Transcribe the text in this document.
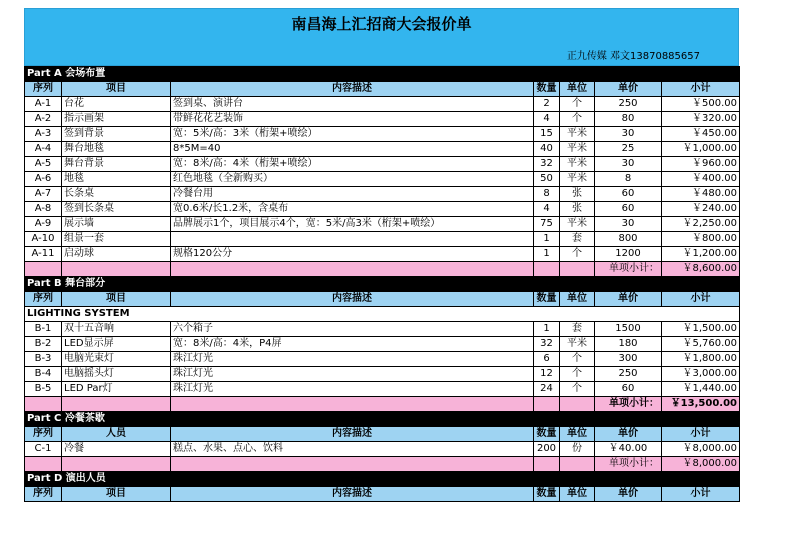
南昌海上汇招商大会报价单
正九传媒 邓文13870885657
Part A 会场布置						
序列	项目	内容描述	数量	单位	单价	小计
A-1	台花	签到桌、演讲台	2	个	250	￥500.00
A-2	指示画架	带鲜花花艺装饰	4	个	80	￥320.00
A-3	签到背景	宽：5米/高：3米（桁架+喷绘）	15	平米	30	￥450.00
A-4	舞台地毯	8*5M=40	40	平米	25	￥1,000.00
A-5	舞台背景	宽：8米/高：4米（桁架+喷绘）	32	平米	30	￥960.00
A-6	地毯	红色地毯（全新购买）	50	平米	8	￥400.00
A-7	长条桌	冷餐台用	8	张	60	￥480.00
A-8	签到长条桌	宽0.6米/长1.2米，含桌布	4	张	60	￥240.00
A-9	展示墙	品牌展示1个，项目展示4个，宽：5米/高3米（桁架+喷绘）	75	平米	30	￥2,250.00
A-10	组景一套		1	套	800	￥800.00
A-11	启动球	规格120公分	1	个	1200	￥1,200.00
					单项小计：	￥8,600.00
Part B 舞台部分						
序列	项目	内容描述	数量	单位	单价	小计
LIGHTING SYSTEM						
B-1	双十五音响	六个箱子	1	套	1500	￥1,500.00
B-2	LED显示屏	宽：8米/高：4米，P4屏	32	平米	180	￥5,760.00
B-3	电脑光束灯	珠江灯光	6	个	300	￥1,800.00
B-4	电脑摇头灯	珠江灯光	12	个	250	￥3,000.00
B-5	LED Par灯	珠江灯光	24	个	60	￥1,440.00
					单项小计：	￥13,500.00
Part C 冷餐茶歇						
序列	人员	内容描述	数量	单位	单价	小计
C-1	冷餐	糕点、水果、点心、饮料	200	份	￥40.00	￥8,000.00
					单项小计：	￥8,000.00
Part D 演出人员						
序列	项目	内容描述	数量	单位	单价	小计
